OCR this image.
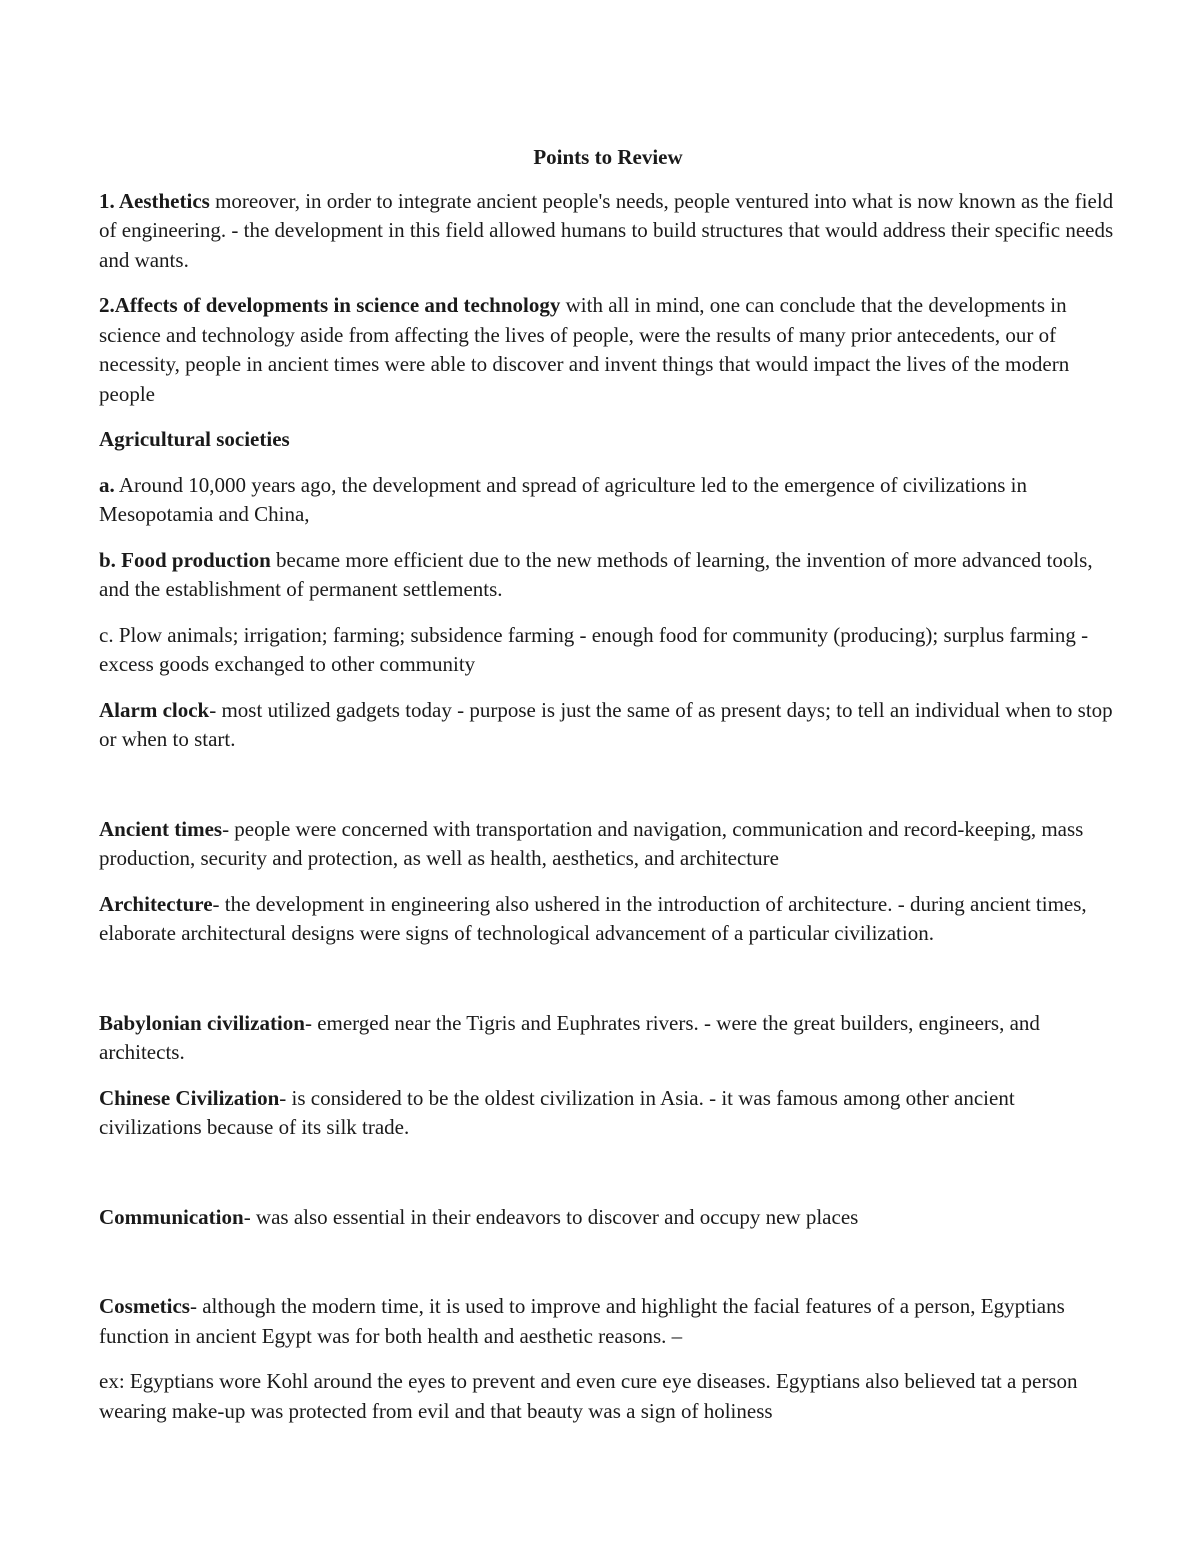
Points to Review

1. Aesthetics moreover, in order to integrate ancient people's needs, people ventured into what is now known as the field of engineering. - the development in this field allowed humans to build structures that would address their specific needs and wants.

2.Affects of developments in science and technology with all in mind, one can conclude that the developments in science and technology aside from affecting the lives of people, were the results of many prior antecedents, our of necessity, people in ancient times were able to discover and invent things that would impact the lives of the modern people

Agricultural societies

a. Around 10,000 years ago, the development and spread of agriculture led to the emergence of civilizations in Mesopotamia and China,

b. Food production became more efficient due to the new methods of learning, the invention of more advanced tools, and the establishment of permanent settlements.

c. Plow animals; irrigation; farming; subsidence farming - enough food for community (producing); surplus farming -excess goods exchanged to other community

Alarm clock- most utilized gadgets today - purpose is just the same of as present days; to tell an individual when to stop or when to start.

Ancient times- people were concerned with transportation and navigation, communication and record-keeping, mass production, security and protection, as well as health, aesthetics, and architecture

Architecture- the development in engineering also ushered in the introduction of architecture. - during ancient times, elaborate architectural designs were signs of technological advancement of a particular civilization.

Babylonian civilization- emerged near the Tigris and Euphrates rivers. - were the great builders, engineers, and architects.

Chinese Civilization- is considered to be the oldest civilization in Asia. - it was famous among other ancient civilizations because of its silk trade.

Communication- was also essential in their endeavors to discover and occupy new places

Cosmetics- although the modern time, it is used to improve and highlight the facial features of a person, Egyptians function in ancient Egypt was for both health and aesthetic reasons. –

ex: Egyptians wore Kohl around the eyes to prevent and even cure eye diseases. Egyptians also believed tat a person wearing make-up was protected from evil and that beauty was a sign of holiness
